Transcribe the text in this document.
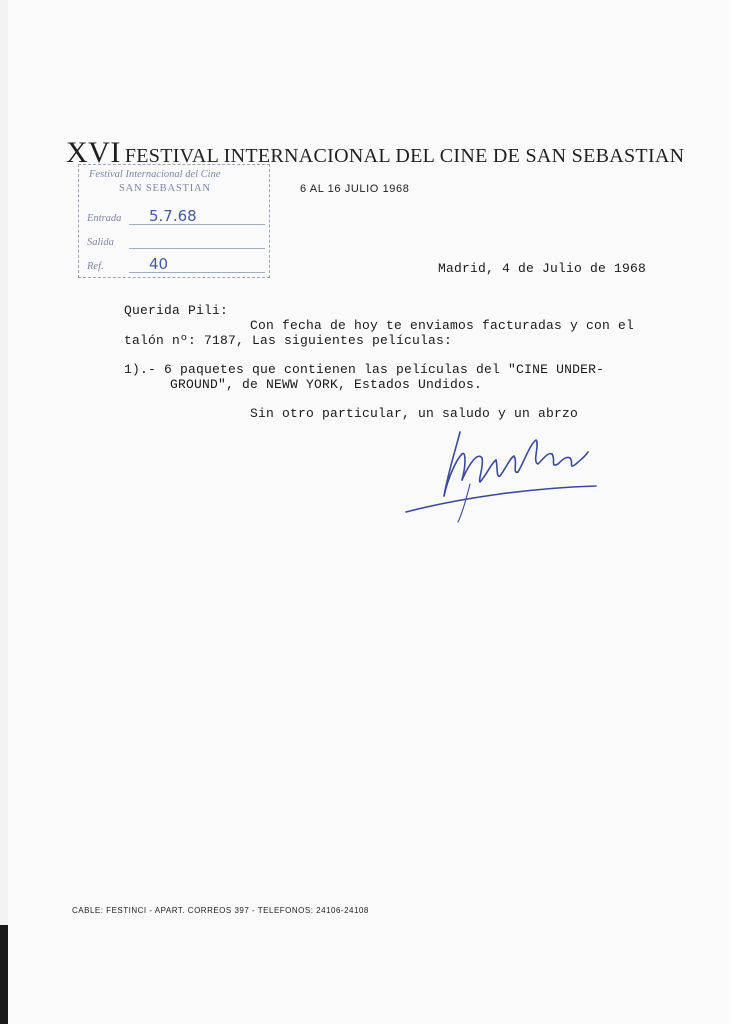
XVI FESTIVAL INTERNACIONAL DEL CINE DE SAN SEBASTIAN
6 AL 16 JULIO 1968
Festival Internacional del Cine
SAN SEBASTIAN
Entrada 5.7.68
Salida
Ref.	40	Madrid, 4 de Julio de 1968
Querida Pili:
Con fecha de hoy te enviamos facturadas y con el
talón nº: 7187, Las siguientes películas:
1).- 6 paquetes que contienen las películas del "CINE UNDER-
GROUND", de NEWW YORK, Estados Undidos.
Sin otro particular, un saludo y un abrzo
CABLE: FESTINCI - APART. CORREOS 397 - TELEFONOS: 24106-24108
